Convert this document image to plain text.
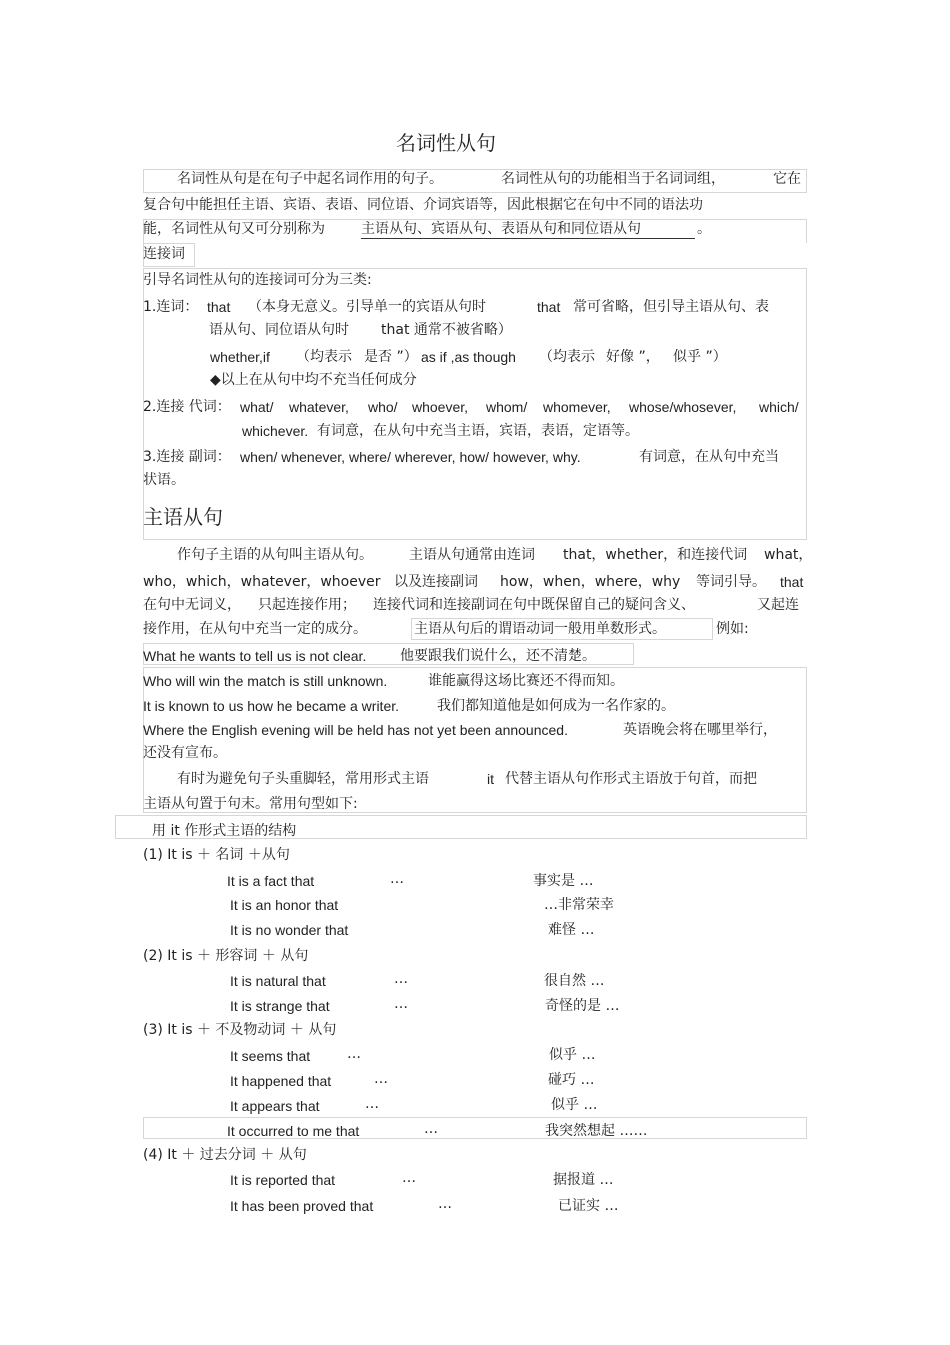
名词性从句
名词性从句是在句子中起名词作用的句子。	名词性从句的功能相当于名词词组，	它在
复合句中能担任主语、宾语、表语、同位语、介词宾语等，因此根据它在句中不同的语法功
能，名词性从句又可分别称为	主语从句、宾语从句、表语从句和同位语从句	。
连接词
引导名词性从句的连接词可分为三类:
1.连词： that （本身无意义。引导单一的宾语从句时	that 常可省略，但引导主语从句、表
语从句、同位语从句时 that 通常不被省略）
whether,if （均表示 是否 ”） as if ,as though （均表示 好像 ”， 似乎 ”）
◆以上在从句中均不充当任何成分
2.连接 代词： what/ whatever, who/ whoever, whom/ whomever, whose/whosever, which/
whichever. 有词意，在从句中充当主语，宾语，表语，定语等。
3.连接 副词： when/ whenever, where/ wherever, how/ however, why.	有词意，在从句中充当
状语。
主语从句
作句子主语的从句叫主语从句。	主语从句通常由连词 that，whether，和连接代词 what，
who，which，whatever，whoever 以及连接副词 how，when，where，why 等词引导。 that
在句中无词义， 只起连接作用； 连接代词和连接副词在句中既保留自己的疑问含义、	又起连
接作用，在从句中充当一定的成分。	主语从句后的谓语动词一般用单数形式。	例如:
What he wants to tell us is not clear. 他要跟我们说什么，还不清楚。
Who will win the match is still unknown.	谁能赢得这场比赛还不得而知。
It is known to us how he became a writer.	我们都知道他是如何成为一名作家的。
Where the English evening will be held has not yet been announced.	英语晚会将在哪里举行，
还没有宣布。
有时为避免句子头重脚轻，常用形式主语	it 代替主语从句作形式主语放于句首，而把
主语从句置于句末。常用句型如下:
用 it 作形式主语的结构
(1) It is ＋ 名词 ＋从句
It is a fact that	…	事实是 …
It is an honor that	…非常荣幸
It is no wonder that	难怪 …
(2) It is ＋ 形容词 ＋ 从句
It is natural that	…	很自然 …
It is strange that	…	奇怪的是 …
(3) It is ＋ 不及物动词 ＋ 从句
It seems that	…	似乎 …
It happened that	…	碰巧 …
It appears that	…	似乎 …
It occurred to me that	…	我突然想起 ……
(4) It ＋ 过去分词 ＋ 从句
It is reported that	…	据报道 …
It has been proved that	…	已证实 …
